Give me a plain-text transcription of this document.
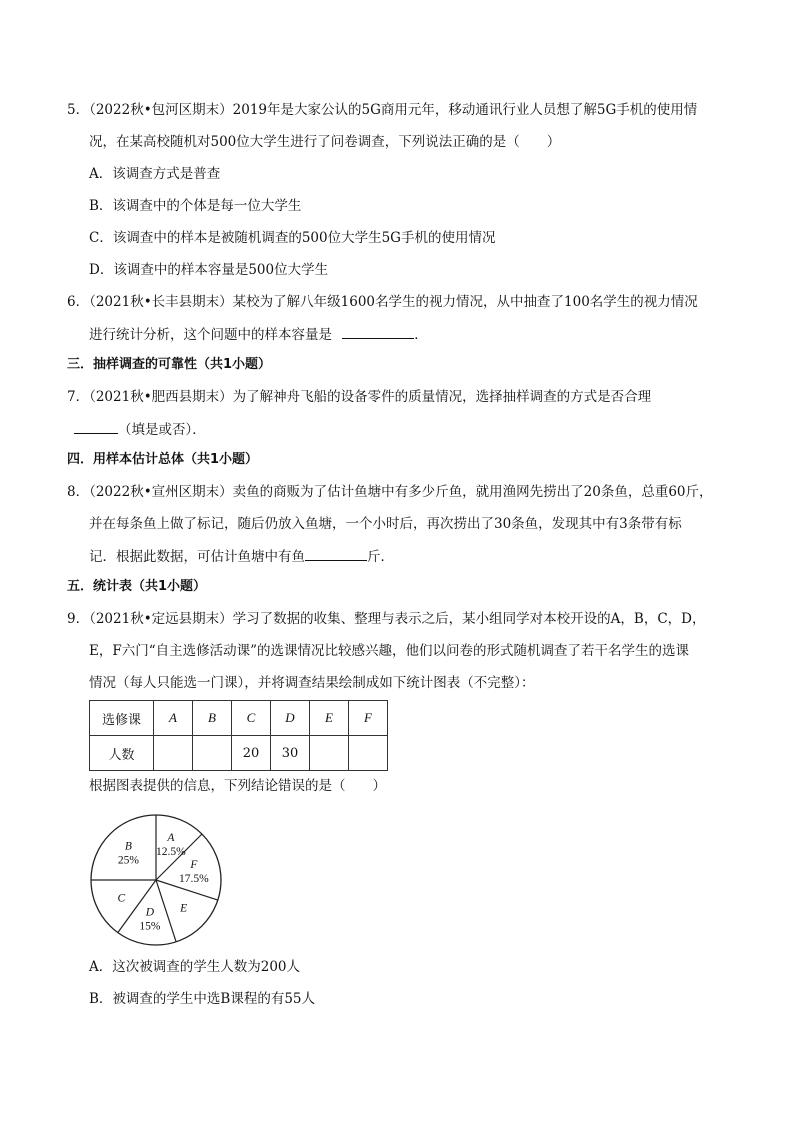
5．（2022秋•包河区期末）2019年是大家公认的5G商用元年，移动通讯行业人员想了解5G手机的使用情
况，在某高校随机对500位大学生进行了问卷调查，下列说法正确的是（　　）
A．该调查方式是普查
B．该调查中的个体是每一位大学生
C．该调查中的样本是被随机调查的500位大学生5G手机的使用情况
D．该调查中的样本容量是500位大学生
6．（2021秋•长丰县期末）某校为了解八年级1600名学生的视力情况，从中抽查了100名学生的视力情况
进行统计分析，这个问题中的样本容量是	．
三．抽样调查的可靠性（共1小题）
7．（2021秋•肥西县期末）为了解神舟飞船的设备零件的质量情况，选择抽样调查的方式是否合理
（填是或否）．
四．用样本估计总体（共1小题）
8．（2022秋•宣州区期末）卖鱼的商贩为了估计鱼塘中有多少斤鱼，就用渔网先捞出了20条鱼，总重60斤，
并在每条鱼上做了标记，随后仍放入鱼塘，一个小时后，再次捞出了30条鱼，发现其中有3条带有标
记．根据此数据，可估计鱼塘中有鱼	斤．
五．统计表（共1小题）
9．（2021秋•定远县期末）学习了数据的收集、整理与表示之后，某小组同学对本校开设的A，B，C，D，
E，F六门“自主选修活动课”的选课情况比较感兴趣，他们以问卷的形式随机调查了若干名学生的选课
情况（每人只能选一门课），并将调查结果绘制成如下统计图表（不完整）：
选修课	A	B	C	D	E	F
人数			20	30		
根据图表提供的信息，下列结论错误的是（　　）
A
12.5%
F
17.5%
E
D
15%
C
B
25%
A．这次被调查的学生人数为200人
B．被调查的学生中选B课程的有55人
